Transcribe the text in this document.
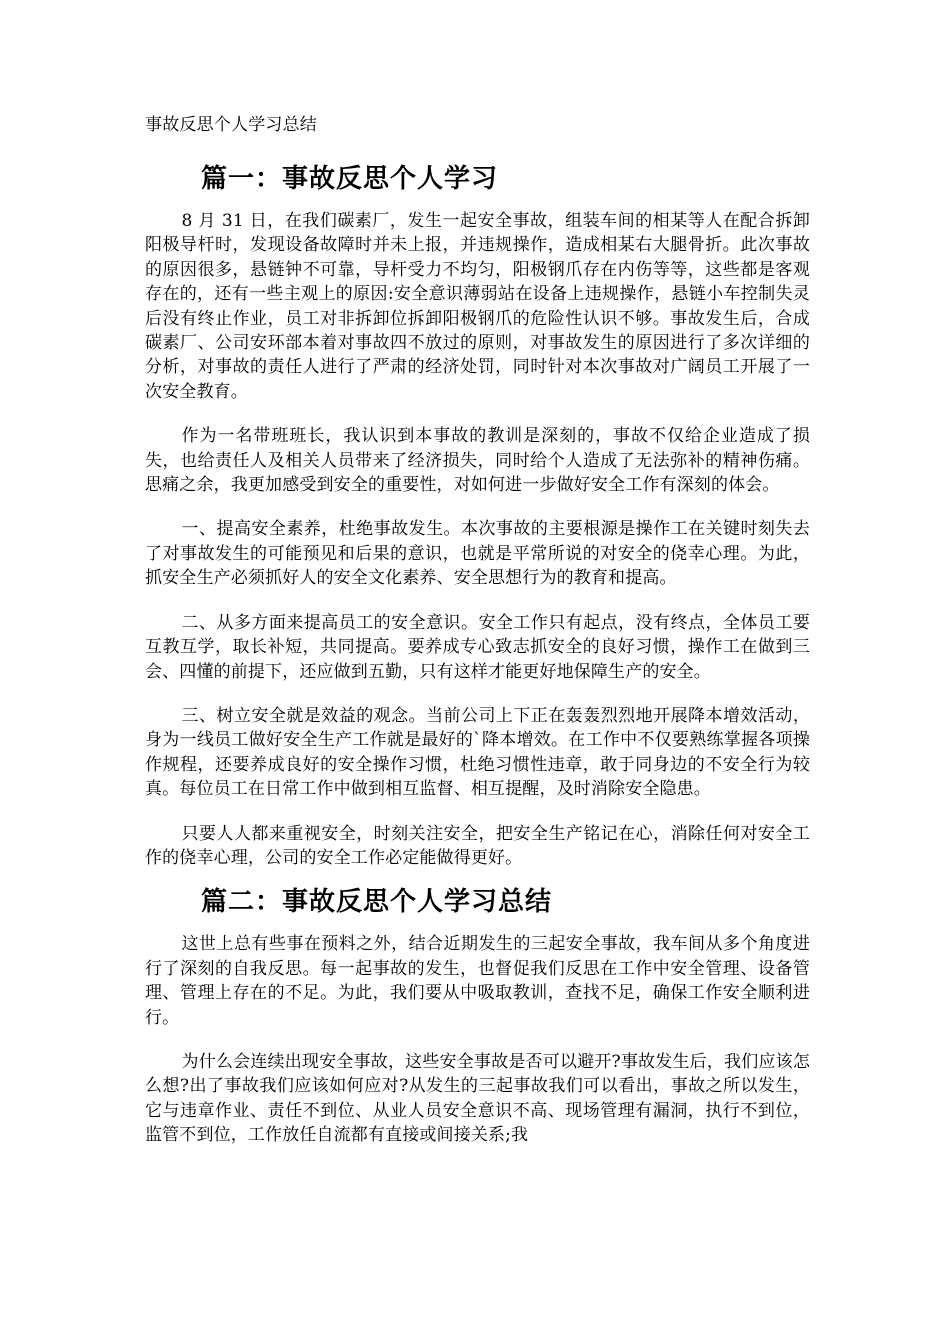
事故反思个人学习总结

篇一：事故反思个人学习

8 月 31 日，在我们碳素厂，发生一起安全事故，组装车间的相某等人在配合拆卸阳极导杆时，发现设备故障时并未上报，并违规操作，造成相某右大腿骨折。此次事故的原因很多，悬链钟不可靠，导杆受力不均匀，阳极钢爪存在内伤等等，这些都是客观存在的，还有一些主观上的原因:安全意识薄弱站在设备上违规操作，悬链小车控制失灵后没有终止作业，员工对非拆卸位拆卸阳极钢爪的危险性认识不够。事故发生后，合成碳素厂、公司安环部本着对事故四不放过的原则，对事故发生的原因进行了多次详细的分析，对事故的责任人进行了严肃的经济处罚，同时针对本次事故对广阔员工开展了一次安全教育。

作为一名带班班长，我认识到本事故的教训是深刻的，事故不仅给企业造成了损失，也给责任人及相关人员带来了经济损失，同时给个人造成了无法弥补的精神伤痛。思痛之余，我更加感受到安全的重要性，对如何进一步做好安全工作有深刻的体会。

一、提高安全素养，杜绝事故发生。本次事故的主要根源是操作工在关键时刻失去了对事故发生的可能预见和后果的意识，也就是平常所说的对安全的侥幸心理。为此，抓安全生产必须抓好人的安全文化素养、安全思想行为的教育和提高。

二、从多方面来提高员工的安全意识。安全工作只有起点，没有终点，全体员工要互教互学，取长补短，共同提高。要养成专心致志抓安全的良好习惯，操作工在做到三会、四懂的前提下，还应做到五勤，只有这样才能更好地保障生产的安全。

三、树立安全就是效益的观念。当前公司上下正在轰轰烈烈地开展降本增效活动，身为一线员工做好安全生产工作就是最好的`降本增效。在工作中不仅要熟练掌握各项操作规程，还要养成良好的安全操作习惯，杜绝习惯性违章，敢于同身边的不安全行为较真。每位员工在日常工作中做到相互监督、相互提醒，及时消除安全隐患。

只要人人都来重视安全，时刻关注安全，把安全生产铭记在心，消除任何对安全工作的侥幸心理，公司的安全工作必定能做得更好。

篇二：事故反思个人学习总结

这世上总有些事在预料之外，结合近期发生的三起安全事故，我车间从多个角度进行了深刻的自我反思。每一起事故的发生，也督促我们反思在工作中安全管理、设备管理、管理上存在的不足。为此，我们要从中吸取教训，查找不足，确保工作安全顺利进行。

为什么会连续出现安全事故，这些安全事故是否可以避开?事故发生后，我们应该怎么想?出了事故我们应该如何应对?从发生的三起事故我们可以看出，事故之所以发生，它与违章作业、责任不到位、从业人员安全意识不高、现场管理有漏洞，执行不到位，监管不到位，工作放任自流都有直接或间接关系;我
